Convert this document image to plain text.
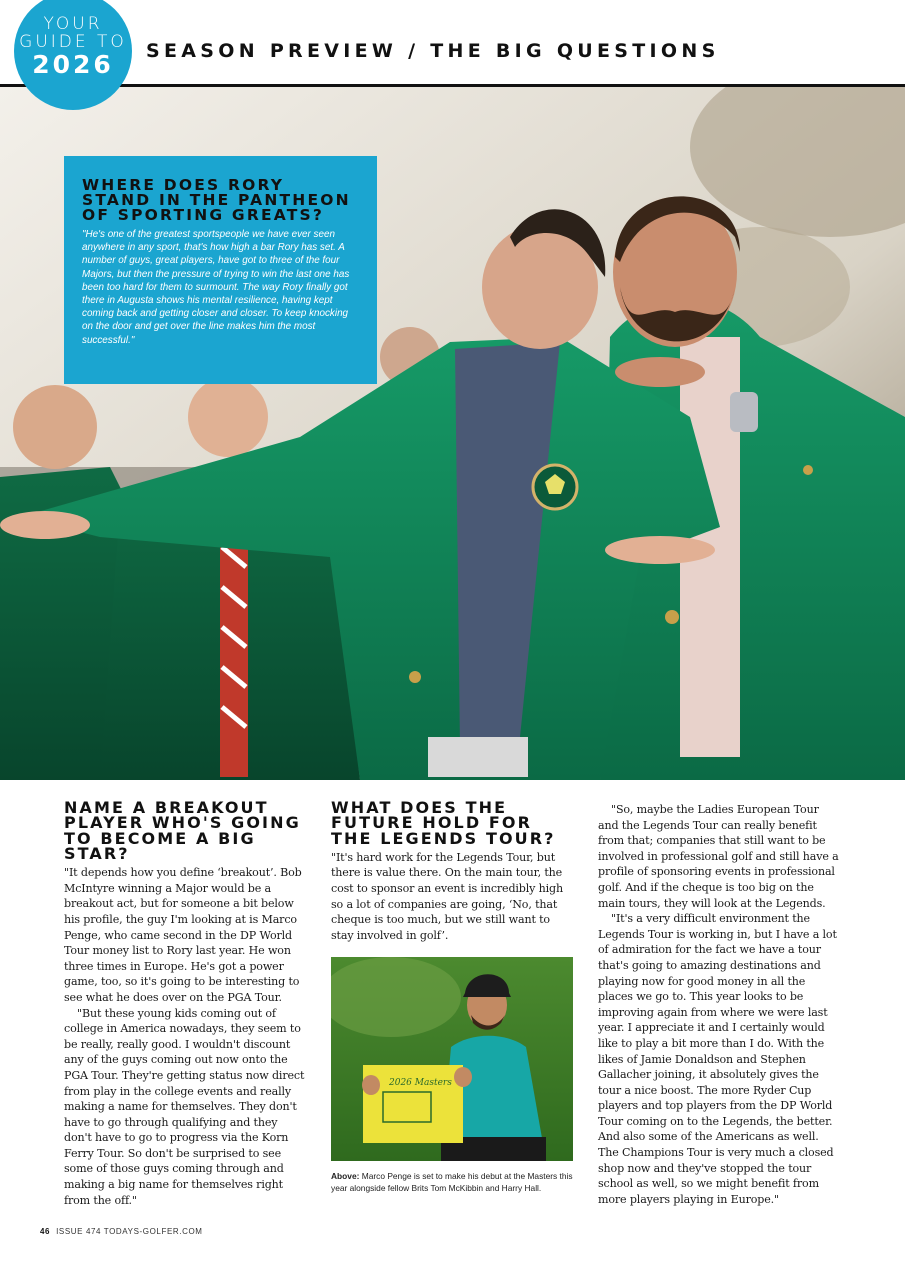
YOUR
GUIDE TO
2026	SEASON PREVIEW / THE BIG QUESTIONS
WHERE DOES RORY STAND IN THE PANTHEON OF SPORTING GREATS?

"He's one of the greatest sportspeople we have ever seen anywhere in any sport, that's how high a bar Rory has set. A number of guys, great players, have got to three of the four Majors, but then the pressure of trying to win the last one has been too hard for them to surmount. The way Rory finally got there in Augusta shows his mental resilience, having kept coming back and getting closer and closer. To keep knocking on the door and get over the line makes him the most successful."

NAME A BREAKOUT PLAYER WHO'S GOING TO BECOME A BIG STAR?

"It depends how you define ‘breakout’. Bob McIntyre winning a Major would be a breakout act, but for someone a bit below his profile, the guy I'm looking at is Marco Penge, who came second in the DP World Tour money list to Rory last year. He won three times in Europe. He's got a power game, too, so it's going to be interesting to see what he does over on the PGA Tour.

"But these young kids coming out of college in America nowadays, they seem to be really, really good. I wouldn't discount any of the guys coming out now onto the PGA Tour. They're getting status now direct from play in the college events and really making a name for themselves. They don't have to go through qualifying and they don't have to go to progress via the Korn Ferry Tour. So don't be surprised to see some of those guys coming through and making a big name for themselves right from the off."

WHAT DOES THE FUTURE HOLD FOR THE LEGENDS TOUR?

"It's hard work for the Legends Tour, but there is value there. On the main tour, the cost to sponsor an event is incredibly high so a lot of companies are going, ‘No, that cheque is too much, but we still want to stay involved in golf’.

2026 Masters
Above: Marco Penge is set to make his debut at the Masters this year alongside fellow Brits Tom McKibbin and Harry Hall.

"So, maybe the Ladies European Tour and the Legends Tour can really benefit from that; companies that still want to be involved in professional golf and still have a profile of sponsoring events in professional golf. And if the cheque is too big on the main tours, they will look at the Legends.

"It's a very difficult environment the Legends Tour is working in, but I have a lot of admiration for the fact we have a tour that's going to amazing destinations and playing now for good money in all the places we go to. This year looks to be improving again from where we were last year. I appreciate it and I certainly would like to play a bit more than I do. With the likes of Jamie Donaldson and Stephen Gallacher joining, it absolutely gives the tour a nice boost. The more Ryder Cup players and top players from the DP World Tour coming on to the Legends, the better. And also some of the Americans as well. The Champions Tour is very much a closed shop now and they've stopped the tour school as well, so we might benefit from more players playing in Europe."

46 ISSUE 474 TODAYS-GOLFER.COM
